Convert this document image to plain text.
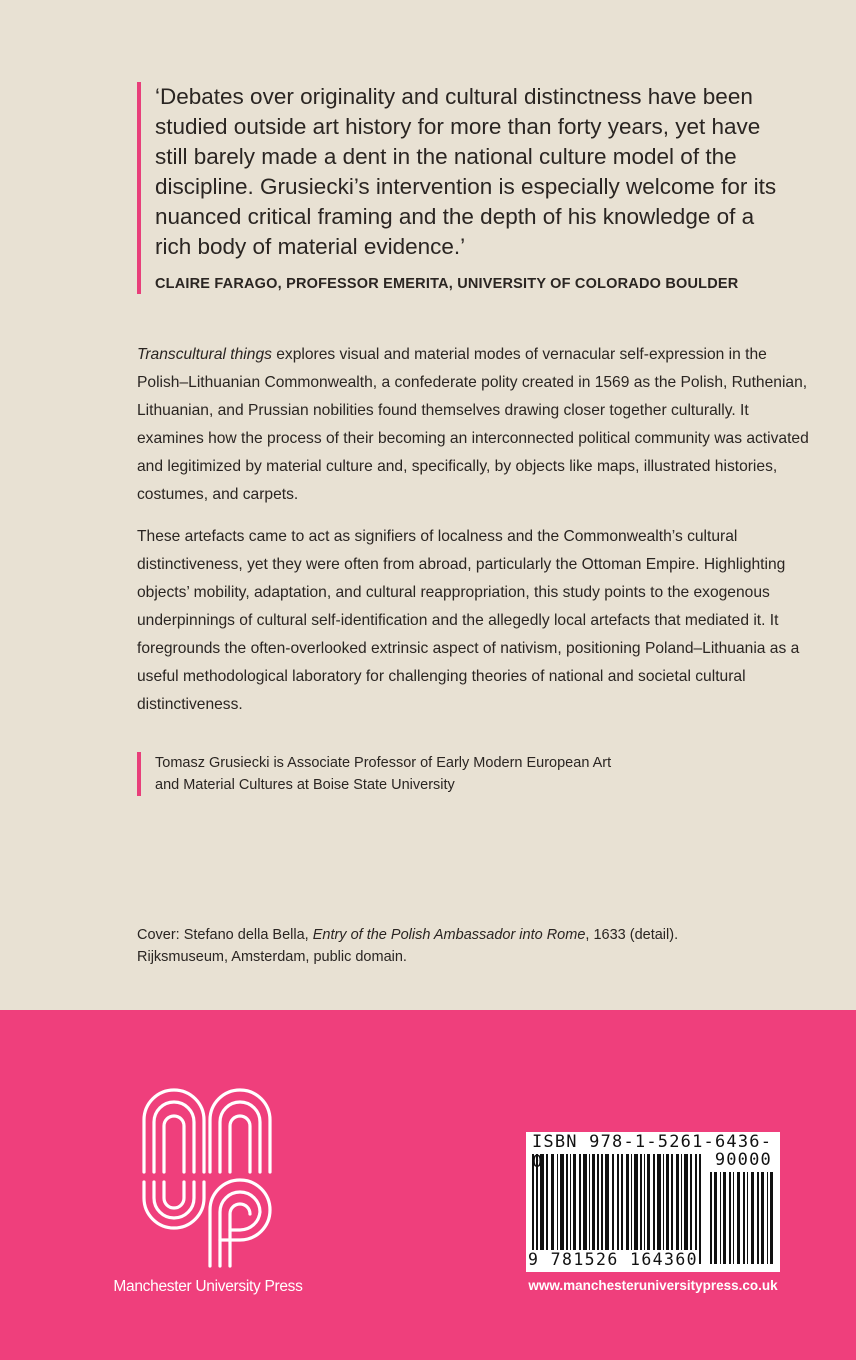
‘Debates over originality and cultural distinctness have been studied outside art history for more than forty years, yet have still barely made a dent in the national culture model of the discipline. Grusiecki’s intervention is especially welcome for its nuanced critical framing and the depth of his knowledge of a rich body of material evidence.’

CLAIRE FARAGO, PROFESSOR EMERITA, UNIVERSITY OF COLORADO BOULDER

Transcultural things explores visual and material modes of vernacular self-expression in the Polish–Lithuanian Commonwealth, a confederate polity created in 1569 as the Polish, Ruthenian, Lithuanian, and Prussian nobilities found themselves drawing closer together culturally. It examines how the process of their becoming an interconnected political community was activated and legitimized by material culture and, specifically, by objects like maps, illustrated histories, costumes, and carpets.

These artefacts came to act as signifiers of localness and the Commonwealth’s cultural distinctiveness, yet they were often from abroad, particularly the Ottoman Empire. Highlighting objects’ mobility, adaptation, and cultural reappropriation, this study points to the exogenous underpinnings of cultural self-identification and the allegedly local artefacts that mediated it. It foregrounds the often-overlooked extrinsic aspect of nativism, positioning Poland–Lithuania as a useful methodological laboratory for challenging theories of national and societal cultural distinctiveness.

Tomasz Grusiecki is Associate Professor of Early Modern European Art
and Material Cultures at Boise State University
Cover: Stefano della Bella, Entry of the Polish Ambassador into Rome, 1633 (detail).
Rijksmuseum, Amsterdam, public domain.
Manchester University Press
ISBN 978-1-5261-6436-0	90000
9 781526 164360
www.manchesteruniversitypress.co.uk
